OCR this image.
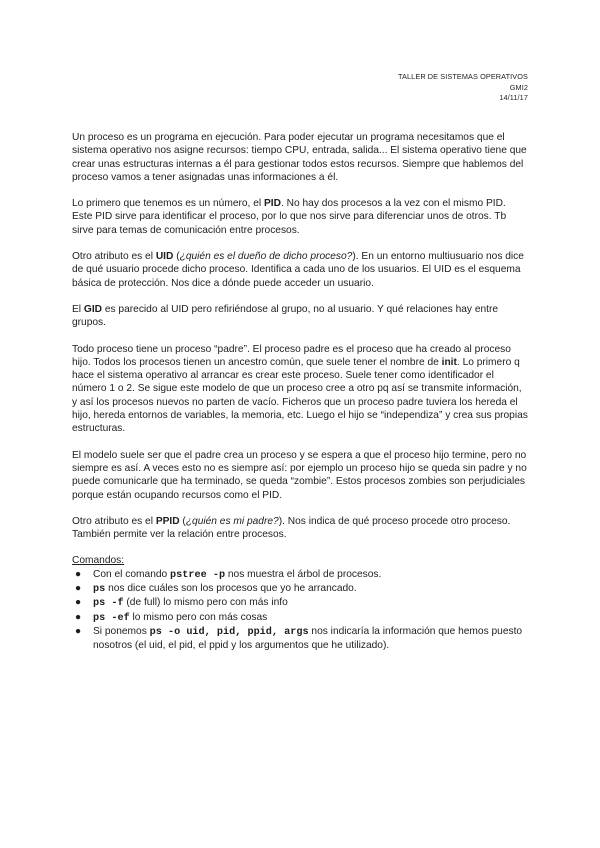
TALLER DE SISTEMAS OPERATIVOS
GMI2
14/11/17

Un proceso es un programa en ejecución. Para poder ejecutar un programa necesitamos que el sistema operativo nos asigne recursos: tiempo CPU, entrada, salida... El sistema operativo tiene que crear unas estructuras internas a él para gestionar todos estos recursos. Siempre que hablemos del proceso vamos a tener asignadas unas informaciones a él.

Lo primero que tenemos es un número, el PID. No hay dos procesos a la vez con el mismo PID. Este PID sirve para identificar el proceso, por lo que nos sirve para diferenciar unos de otros. Tb sirve para temas de comunicación entre procesos.

Otro atributo es el UID (¿quién es el dueño de dicho proceso?). En un entorno multiusuario nos dice de qué usuario procede dicho proceso. Identifica a cada uno de los usuarios. El UID es el esquema básica de protección. Nos dice a dónde puede acceder un usuario.

El GID es parecido al UID pero refiriéndose al grupo, no al usuario. Y qué relaciones hay entre grupos.

Todo proceso tiene un proceso “padre”. El proceso padre es el proceso que ha creado al proceso hijo. Todos los procesos tienen un ancestro común, que suele tener el nombre de init. Lo primero q hace el sistema operativo al arrancar es crear este proceso. Suele tener como identificador el número 1 o 2. Se sigue este modelo de que un proceso cree a otro pq así se transmite información, y así los procesos nuevos no parten de vacío. Ficheros que un proceso padre tuviera los hereda el hijo, hereda entornos de variables, la memoria, etc. Luego el hijo se “independiza” y crea sus propias estructuras.

El modelo suele ser que el padre crea un proceso y se espera a que el proceso hijo termine, pero no siempre es así. A veces esto no es siempre así: por ejemplo un proceso hijo se queda sin padre y no puede comunicarle que ha terminado, se queda “zombie”. Estos procesos zombies son perjudiciales porque están ocupando recursos como el PID.

Otro atributo es el PPID (¿quién es mi padre?). Nos indica de qué proceso procede otro proceso. También permite ver la relación entre procesos.

Comandos:

● Con el comando pstree -p nos muestra el árbol de procesos.
● ps nos dice cuáles son los procesos que yo he arrancado.
● ps -f (de full) lo mismo pero con más info
● ps -ef lo mismo pero con más cosas
● Si ponemos ps -o uid, pid, ppid, args nos indicaría la información que hemos puesto nosotros (el uid, el pid, el ppid y los argumentos que he utilizado).
